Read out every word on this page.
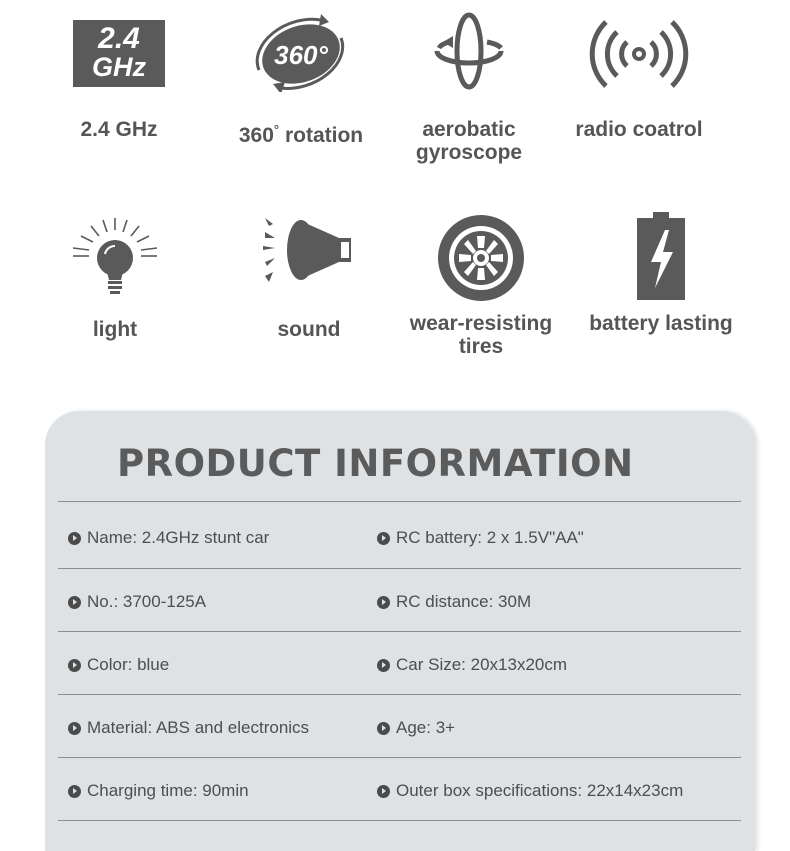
2.4
GHz
2.4 GHz
360°
360° rotation	aerobatic
gyroscope
radio coatrol
light	sound	wear-resisting
tires
battery lasting
PRODUCT INFORMATION
Name: 2.4GHz stunt car	RC battery: 2 x 1.5V"AA"
No.: 3700-125A	RC distance: 30M
Color: blue	Car Size: 20x13x20cm
Material: ABS and electronics	Age: 3+
Charging time: 90min	Outer box specifications: 22x14x23cm
